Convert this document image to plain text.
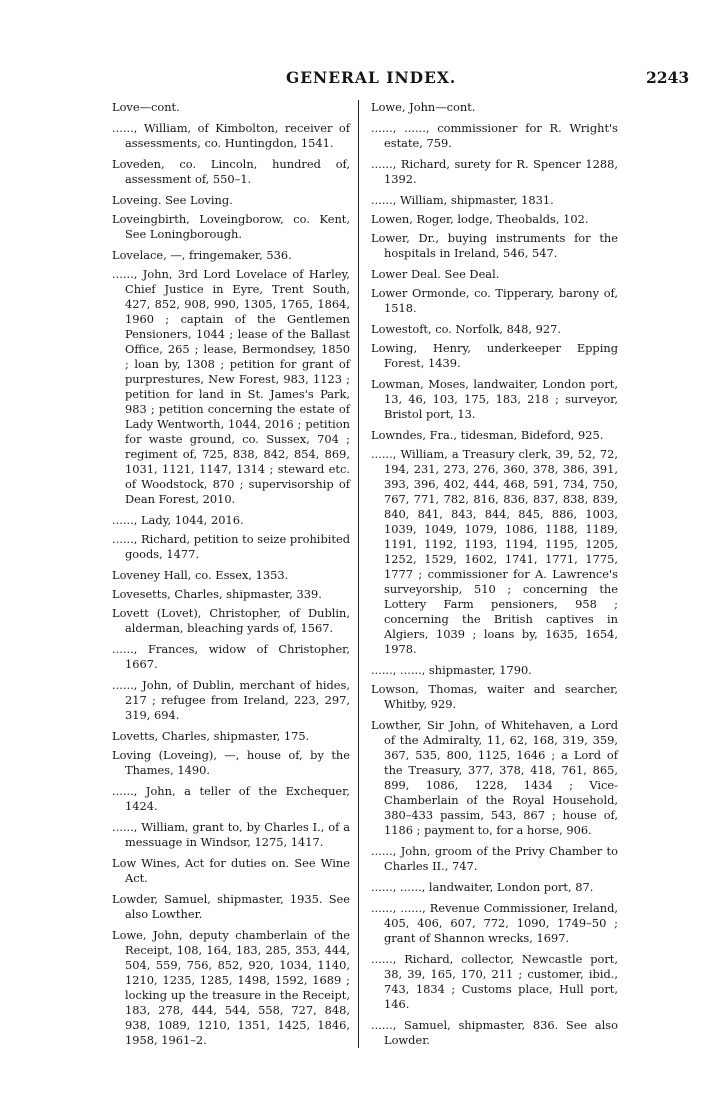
GENERAL INDEX.	2243

Love—cont.

......, William, of Kimbolton, receiver of assessments, co. Huntingdon, 1541.

Loveden, co. Lincoln, hundred of, assessment of, 550–1.

Loveing. See Loving.

Loveingbirth, Loveingborow, co. Kent, See Loningborough.

Lovelace, —, fringemaker, 536.

......, John, 3rd Lord Lovelace of Harley, Chief Justice in Eyre, Trent South, 427, 852, 908, 990, 1305, 1765, 1864, 1960 ; captain of the Gentlemen Pensioners, 1044 ; lease of the Ballast Office, 265 ; lease, Bermondsey, 1850 ; loan by, 1308 ; petition for grant of purprestures, New Forest, 983, 1123 ; petition for land in St. James's Park, 983 ; petition concerning the estate of Lady Wentworth, 1044, 2016 ; petition for waste ground, co. Sussex, 704 ; regiment of, 725, 838, 842, 854, 869, 1031, 1121, 1147, 1314 ; steward etc. of Woodstock, 870 ; supervisorship of Dean Forest, 2010.

......, Lady, 1044, 2016.

......, Richard, petition to seize prohibited goods, 1477.

Loveney Hall, co. Essex, 1353.

Lovesetts, Charles, shipmaster, 339.

Lovett (Lovet), Christopher, of Dublin, alderman, bleaching yards of, 1567.

......, Frances, widow of Christopher, 1667.

......, John, of Dublin, merchant of hides, 217 ; refugee from Ireland, 223, 297, 319, 694.

Lovetts, Charles, shipmaster, 175.

Loving (Loveing), —, house of, by the Thames, 1490.

......, John, a teller of the Exchequer, 1424.

......, William, grant to, by Charles I., of a messuage in Windsor, 1275, 1417.

Low Wines, Act for duties on. See Wine Act.

Lowder, Samuel, shipmaster, 1935. See also Lowther.

Lowe, John, deputy chamberlain of the Receipt, 108, 164, 183, 285, 353, 444, 504, 559, 756, 852, 920, 1034, 1140, 1210, 1235, 1285, 1498, 1592, 1689 ; locking up the treasure in the Receipt, 183, 278, 444, 544, 558, 727, 848, 938, 1089, 1210, 1351, 1425, 1846, 1958, 1961–2.

Lowe, John—cont.

......, ......, commissioner for R. Wright's estate, 759.

......, Richard, surety for R. Spencer 1288, 1392.

......, William, shipmaster, 1831.

Lowen, Roger, lodge, Theobalds, 102.

Lower, Dr., buying instruments for the hospitals in Ireland, 546, 547.

Lower Deal. See Deal.

Lower Ormonde, co. Tipperary, barony of, 1518.

Lowestoft, co. Norfolk, 848, 927.

Lowing, Henry, underkeeper Epping Forest, 1439.

Lowman, Moses, landwaiter, London port, 13, 46, 103, 175, 183, 218 ; surveyor, Bristol port, 13.

Lowndes, Fra., tidesman, Bideford, 925.

......, William, a Treasury clerk, 39, 52, 72, 194, 231, 273, 276, 360, 378, 386, 391, 393, 396, 402, 444, 468, 591, 734, 750, 767, 771, 782, 816, 836, 837, 838, 839, 840, 841, 843, 844, 845, 886, 1003, 1039, 1049, 1079, 1086, 1188, 1189, 1191, 1192, 1193, 1194, 1195, 1205, 1252, 1529, 1602, 1741, 1771, 1775, 1777 ; commissioner for A. Lawrence's surveyorship, 510 ; concerning the Lottery Farm pensioners, 958 ; concerning the British captives in Algiers, 1039 ; loans by, 1635, 1654, 1978.

......, ......, shipmaster, 1790.

Lowson, Thomas, waiter and searcher, Whitby, 929.

Lowther, Sir John, of Whitehaven, a Lord of the Admiralty, 11, 62, 168, 319, 359, 367, 535, 800, 1125, 1646 ; a Lord of the Treasury, 377, 378, 418, 761, 865, 899, 1086, 1228, 1434 ; Vice-Chamberlain of the Royal Household, 380–433 passim, 543, 867 ; house of, 1186 ; payment to, for a horse, 906.

......, John, groom of the Privy Chamber to Charles II., 747.

......, ......, landwaiter, London port, 87.

......, ......, Revenue Commissioner, Ireland, 405, 406, 607, 772, 1090, 1749–50 ; grant of Shannon wrecks, 1697.

......, Richard, collector, Newcastle port, 38, 39, 165, 170, 211 ; customer, ibid., 743, 1834 ; Customs place, Hull port, 146.

......, Samuel, shipmaster, 836. See also Lowder.
